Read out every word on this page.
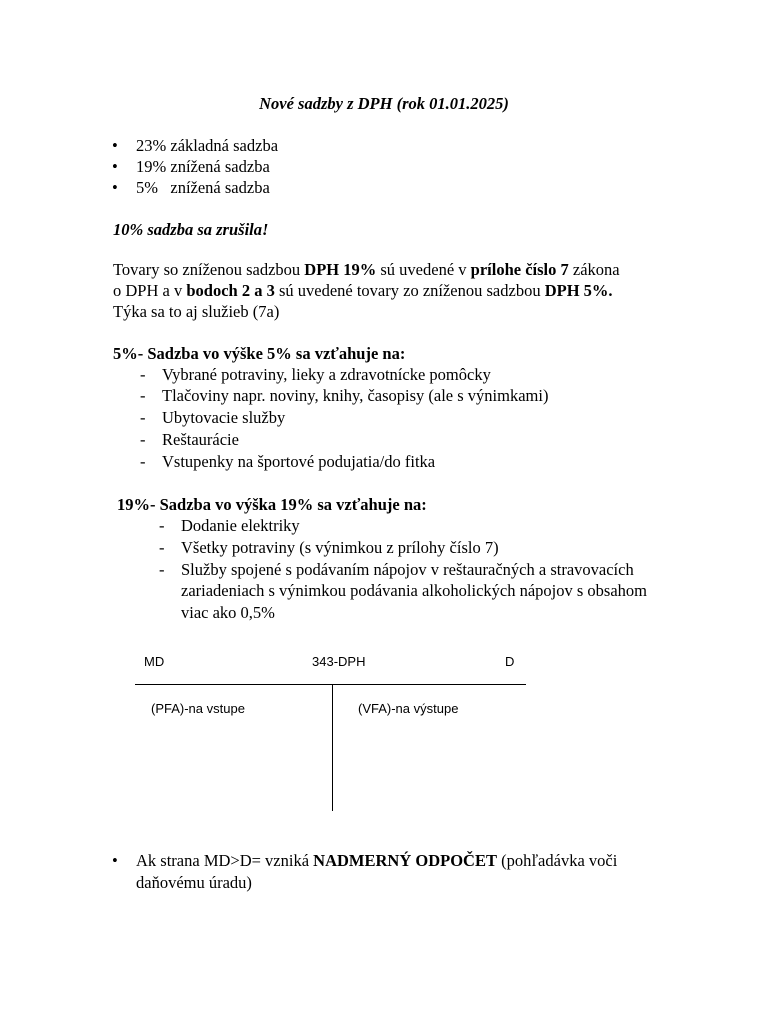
Nové sadzby z DPH (rok 01.01.2025)
• 23% základná sadzba
• 19% znížená sadzba
• 5%   znížená sadzba
10% sadzba sa zrušila!
Tovary so zníženou sadzbou DPH 19% sú uvedené v prílohe číslo 7 zákona
o DPH a v bodoch 2 a 3 sú uvedené tovary zo zníženou sadzbou DPH 5%.
Týka sa to aj služieb (7a)
5%- Sadzba vo výške 5% sa vzťahuje na:
- Vybrané potraviny, lieky a zdravotnícke pomôcky
- Tlačoviny napr. noviny, knihy, časopisy (ale s výnimkami)
- Ubytovacie služby
- Reštaurácie
- Vstupenky na športové podujatia/do fitka
19%- Sadzba vo výška 19% sa vzťahuje na:
- Dodanie elektriky
- Všetky potraviny (s výnimkou z prílohy číslo 7)
- Služby spojené s podávaním nápojov v reštauračných a stravovacích
zariadeniach s výnimkou podávania alkoholických nápojov s obsahom
viac ako 0,5%
MD	343-DPH	D
(PFA)-na vstupe	(VFA)-na výstupe
• Ak strana MD>D= vzniká NADMERNÝ ODPOČET (pohľadávka voči
daňovému úradu)
